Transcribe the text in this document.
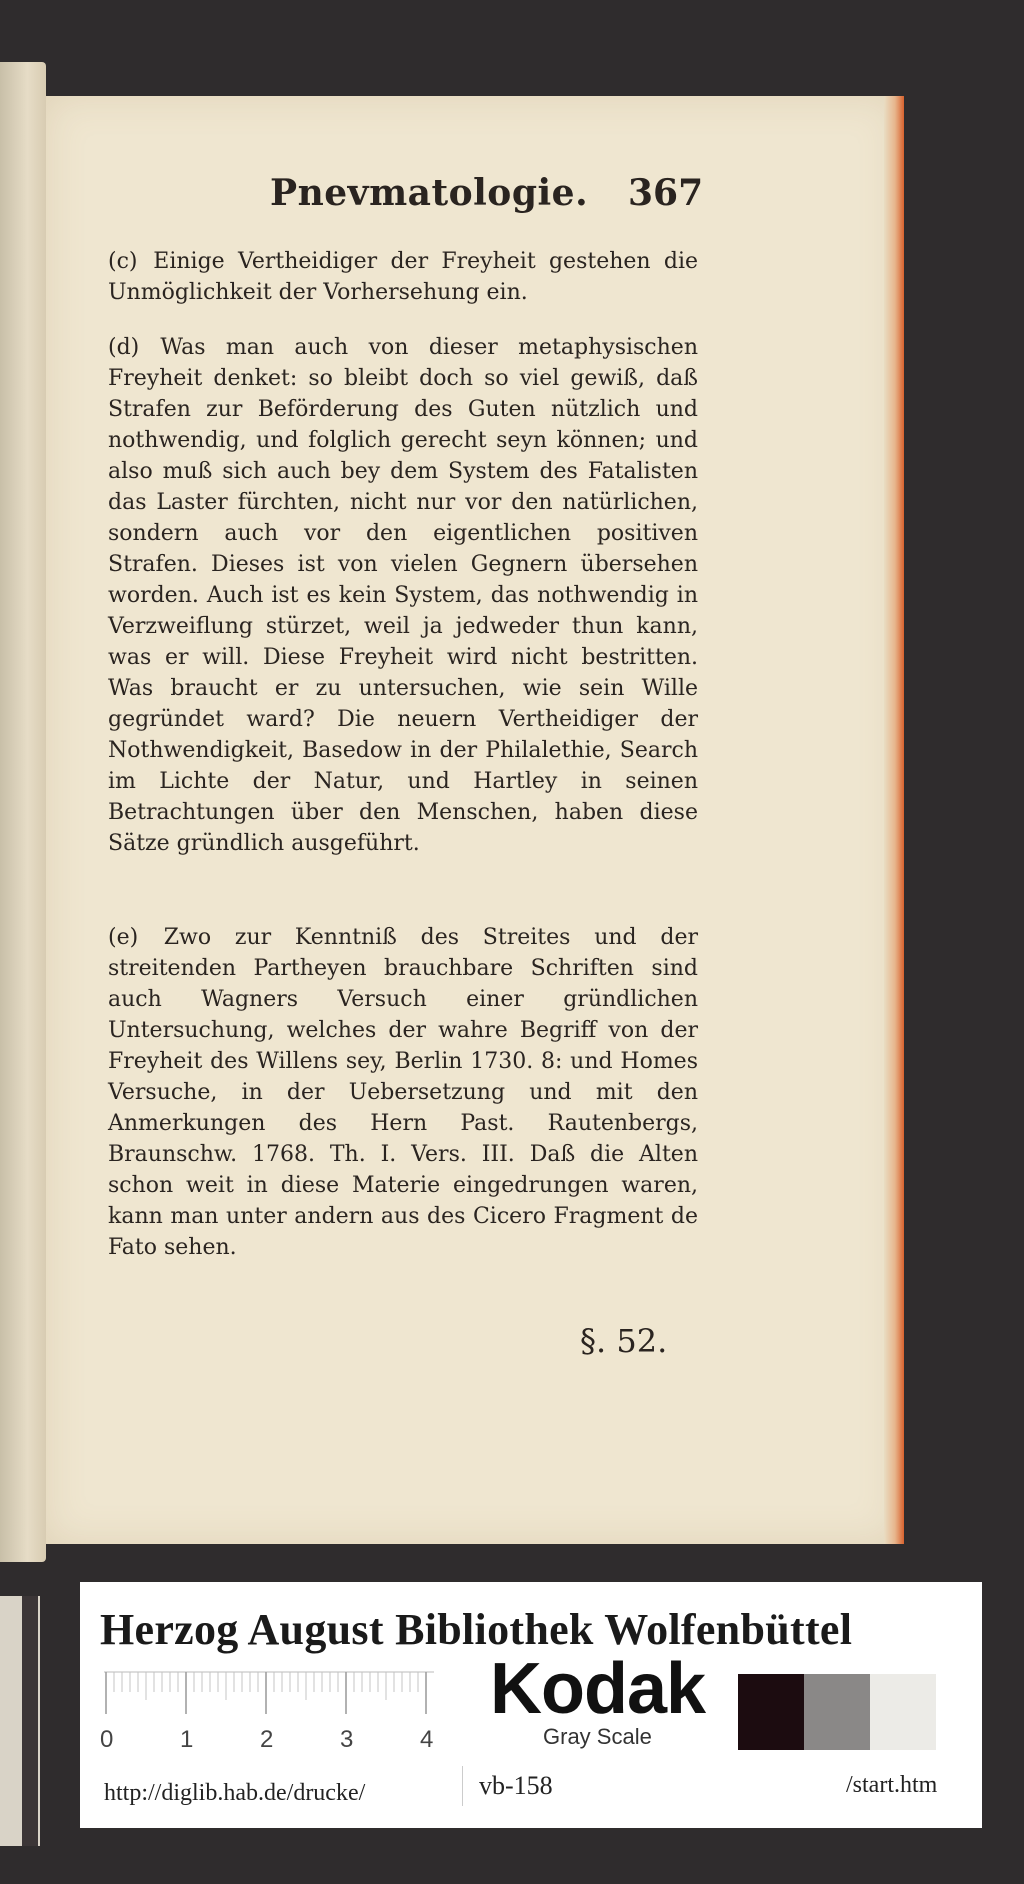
Pnevmatologie. 367
(c) Einige Vertheidiger der Freyheit gestehen die Unmöglichkeit der Vorhersehung ein.
(d) Was man auch von dieser metaphysischen Freyheit denket: so bleibt doch so viel gewiß, daß Strafen zur Beförderung des Guten nützlich und nothwendig, und folglich gerecht seyn können; und also muß sich auch bey dem System des Fatalisten das Laster fürchten, nicht nur vor den natürlichen, sondern auch vor den eigentlichen positiven Strafen. Dieses ist von vielen Gegnern übersehen worden. Auch ist es kein System, das nothwendig in Verzweiflung stürzet, weil ja jedweder thun kann, was er will. Diese Freyheit wird nicht bestritten. Was braucht er zu untersuchen, wie sein Wille gegründet ward? Die neuern Vertheidiger der Nothwendigkeit, Basedow in der Philalethie, Search im Lichte der Natur, und Hartley in seinen Betrachtungen über den Menschen, haben diese Sätze gründlich ausgeführt.
(e) Zwo zur Kenntniß des Streites und der streitenden Partheyen brauchbare Schriften sind auch Wagners Versuch einer gründlichen Untersuchung, welches der wahre Begriff von der Freyheit des Willens sey, Berlin 1730. 8: und Homes Versuche, in der Uebersetzung und mit den Anmerkungen des Hern Past. Rautenbergs, Braunschw. 1768. Th. I. Vers. III. Daß die Alten schon weit in diese Materie eingedrungen waren, kann man unter andern aus des Cicero Fragment de Fato sehen.
§. 52.
Herzog August Bibliothek Wolfenbüttel
0	1	2	3	4
Kodak
Gray Scale
http://diglib.hab.de/drucke/	vb-158	/start.htm
